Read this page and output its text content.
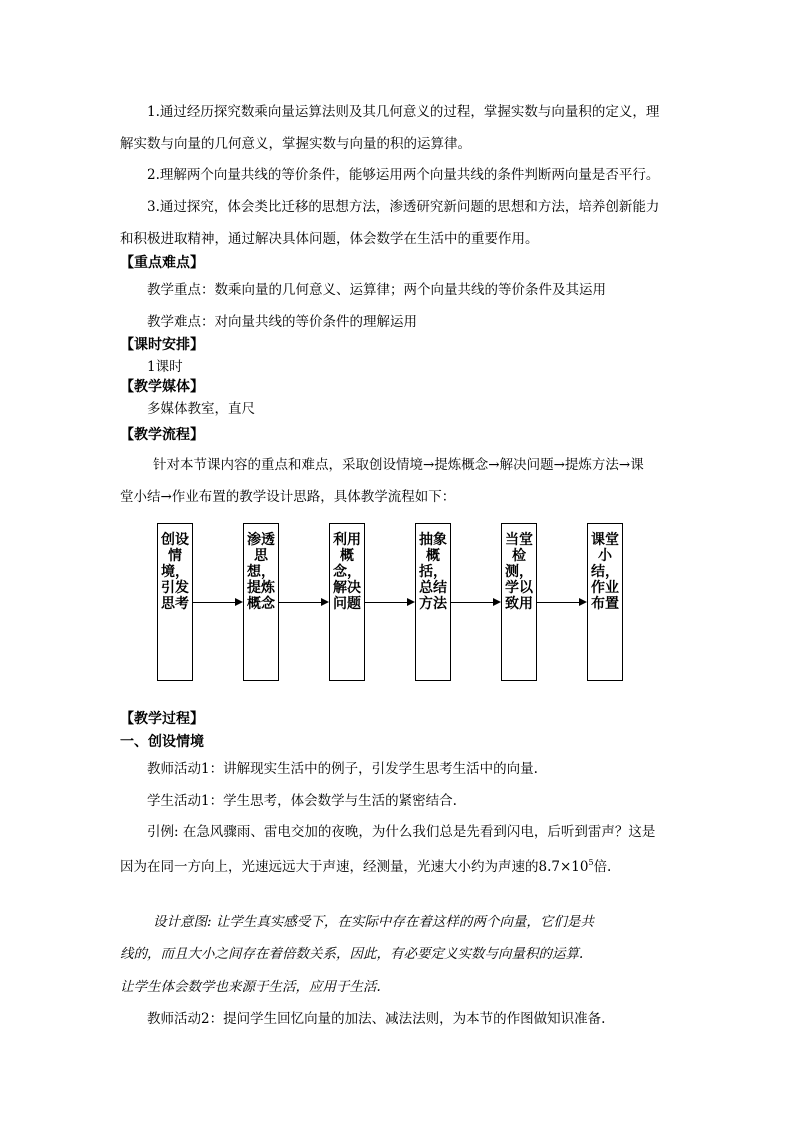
1.通过经历探究数乘向量运算法则及其几何意义的过程，掌握实数与向量积的定义，理
解实数与向量的几何意义，掌握实数与向量的积的运算律。
2.理解两个向量共线的等价条件，能够运用两个向量共线的条件判断两向量是否平行。
3.通过探究，体会类比迁移的思想方法，渗透研究新问题的思想和方法，培养创新能力
和积极进取精神，通过解决具体问题，体会数学在生活中的重要作用。
【重点难点】
教学重点：数乘向量的几何意义、运算律；两个向量共线的等价条件及其运用
教学难点：对向量共线的等价条件的理解运用
【课时安排】
1课时
【教学媒体】
多媒体教室，直尺
【教学流程】
针对本节课内容的重点和难点，采取创设情境→提炼概念→解决问题→提炼方法→课
堂小结→作业布置的教学设计思路，具体教学流程如下：
创设情境，引发思考
渗透思想，提炼概念
利用概念，解决问题
抽象概括，总结方法
当堂检测，学以致用
课堂小结，作业布置
【教学过程】
一、创设情境
教师活动1：讲解现实生活中的例子，引发学生思考生活中的向量.
学生活动1：学生思考，体会数学与生活的紧密结合.
引例: 在急风骤雨、雷电交加的夜晚，为什么我们总是先看到闪电，后听到雷声？这是
因为在同一方向上，光速远远大于声速，经测量，光速大小约为声速的$8.7\times 10^5$倍.
设计意图: 让学生真实感受下，在实际中存在着这样的两个向量，它们是共
线的，而且大小之间存在着倍数关系，因此，有必要定义实数与向量积的运算.
让学生体会数学也来源于生活，应用于生活.
教师活动2：提问学生回忆向量的加法、减法法则，为本节的作图做知识准备.
